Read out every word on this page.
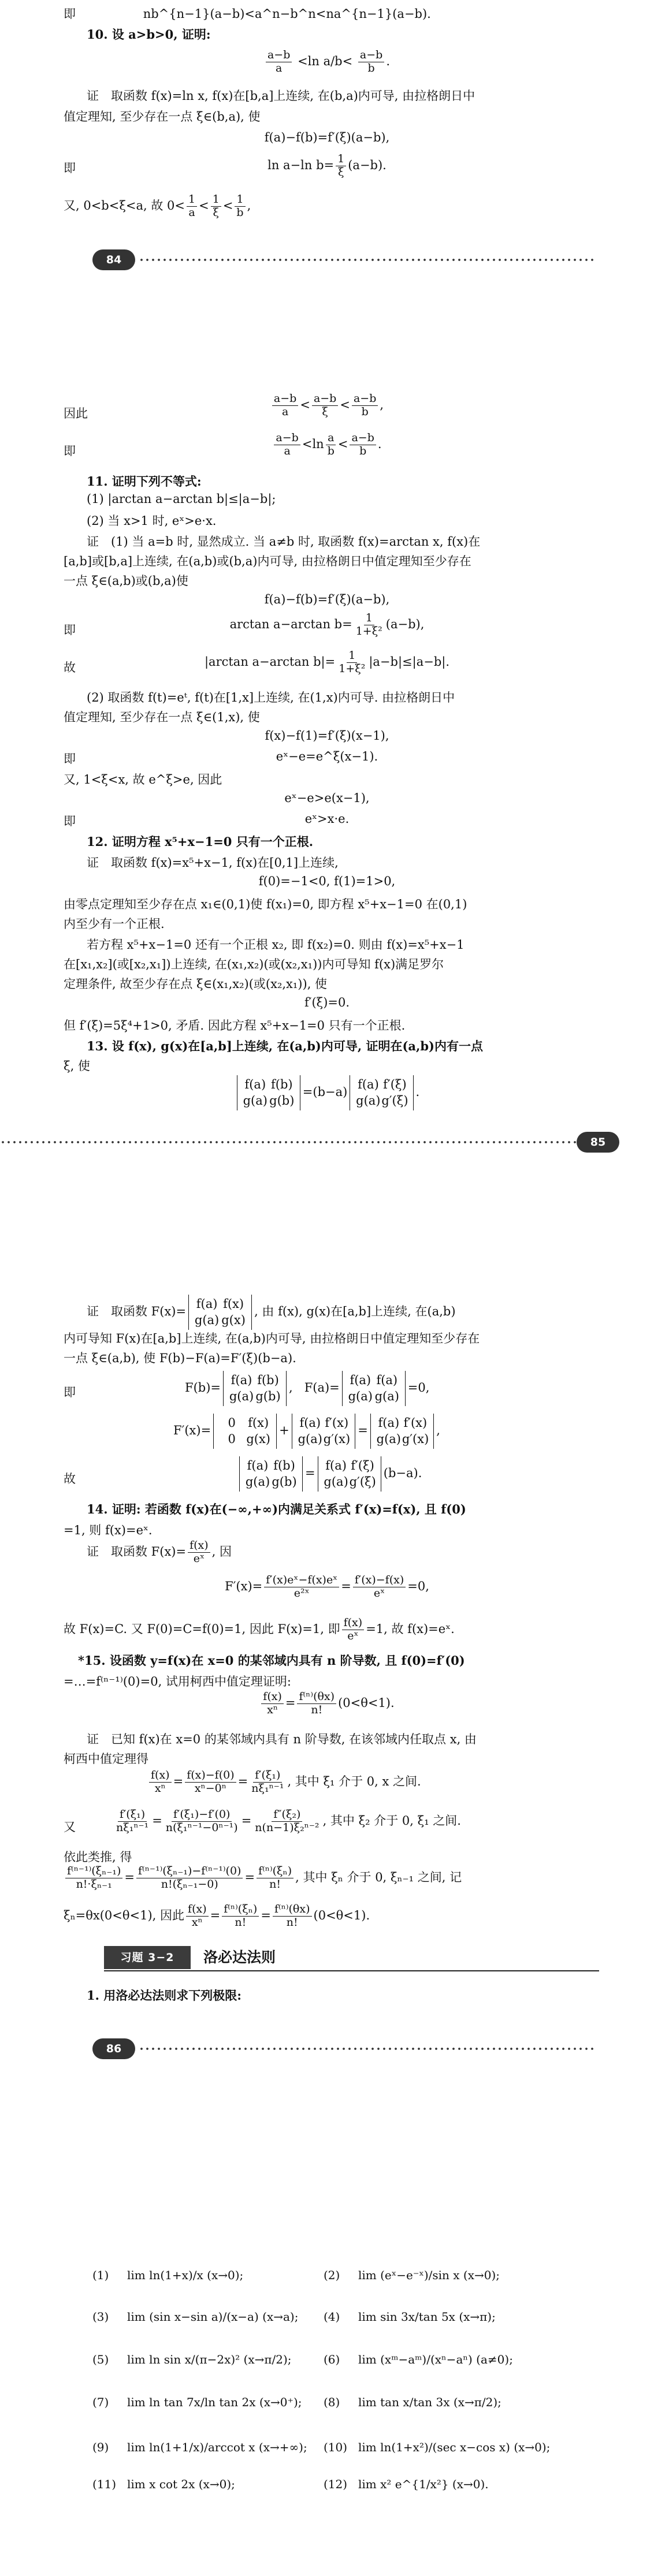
即	nb^{n−1}(a−b)<a^n−b^n<na^{n−1}(a−b).
10. 设 a>b>0, 证明:
$\frac{a-b}{a} <\ln$ $a/b< \frac{a-b}{b}$ .
证　取函数 f(x)=ln x, f(x)在[b,a]上连续, 在(b,a)内可导, 由拉格朗日中
值定理知, 至少存在一点 ξ∈(b,a), 使
f(a)−f(b)=f′(ξ)(a−b),
即	ln a−ln $b= \frac{1}{\xi} (a-b)$.
又, 0<b<ξ<a, 故 $0< \frac{1}{a} < \frac{1}{\xi} < \frac{1}{b}$ ,
84
因此	$\frac{a-b}{a} < \frac{a-b}{\xi} < \frac{a-b}{b}$ ,
即	$\frac{a-b}{a} <\ln \frac{a}{b} < \frac{a-b}{b}$ .
11. 证明下列不等式:
(1) |arctan a−arctan b|≤|a−b|;
(2) 当 x>1 时, eˣ>e·x.
证　(1) 当 a=b 时, 显然成立. 当 a≠b 时, 取函数 f(x)=arctan x, f(x)在
[a,b]或[b,a]上连续, 在(a,b)或(b,a)内可导, 由拉格朗日中值定理知至少存在
一点 ξ∈(a,b)或(b,a)使
f(a)−f(b)=f′(ξ)(a−b),
即	arctan a−arctan $b= \frac{1}{\text{1+ξ²}} (a-b)$,
故	|arctan a−arctan $b|= \frac{1}{\text{1+ξ²}} |a-b|\le|a-b|$.
(2) 取函数 f(t)=eᵗ, f(t)在[1,x]上连续, 在(1,x)内可导. 由拉格朗日中
值定理知, 至少存在一点 ξ∈(1,x), 使
f(x)−f(1)=f′(ξ)(x−1),
即	eˣ−e=e^ξ(x−1).
又, 1<ξ<x, 故 e^ξ>e, 因此
eˣ−e>e(x−1),
即	eˣ>x·e.
12. 证明方程 x⁵+x−1=0 只有一个正根.
证　取函数 f(x)=x⁵+x−1, f(x)在[0,1]上连续,
f(0)=−1<0, f(1)=1>0,
由零点定理知至少存在点 x₁∈(0,1)使 f(x₁)=0, 即方程 x⁵+x−1=0 在(0,1)
内至少有一个正根.
若方程 x⁵+x−1=0 还有一个正根 x₂, 即 f(x₂)=0. 则由 f(x)=x⁵+x−1
在[x₁,x₂](或[x₂,x₁])上连续, 在(x₁,x₂)(或(x₂,x₁))内可导知 f(x)满足罗尔
定理条件, 故至少存在点 ξ∈(x₁,x₂)(或(x₂,x₁)), 使
f′(ξ)=0.
但 f′(ξ)=5ξ⁴+1>0, 矛盾. 因此方程 x⁵+x−1=0 只有一个正根.
13. 设 f(x), g(x)在[a,b]上连续, 在(a,b)内可导, 证明在(a,b)内有一点
ξ, 使
f(a) f(b)
g(a) g(b)
=(b−a)
f(a) f′(ξ)
g(a)g′(ξ)
.
85
证　取函数 F(x)=
f(a) f(x)
g(a) g(x)
, 由 f(x), g(x)在[a,b]上连续, 在(a,b)
内可导知 F(x)在[a,b]上连续, 在(a,b)内可导, 由拉格朗日中值定理知至少存在
一点 ξ∈(a,b), 使 F(b)−F(a)=F′(ξ)(b−a).
即	F(b)=
f(a) f(b)
g(a) g(b)
,   F(a)=
f(a) f(a)
g(a) g(a)
=0,
F′(x)=
0 f(x)
0 g(x)
+
f(a) f′(x)
g(a)g′(x)
=
f(a) f′(x)
g(a)g′(x)
,
故
f(a) f(b)
g(a) g(b)
=
f(a) f′(ξ)
g(a)g′(ξ)
(b−a).
14. 证明: 若函数 f(x)在(−∞,+∞)内满足关系式 f′(x)=f(x), 且 f(0)
=1, 则 f(x)=eˣ.
证　取函数 $F(x)= \frac{f(x)}{\text{eˣ}}$ , 因
$F'(x)= \frac{\text{f′(x)eˣ−f(x)eˣ}}{\text{e²ˣ}} = \frac{f'(x)-f(x)}{\text{eˣ}} =0$,
故 F(x)=C. 又 F(0)=C=f(0)=1, 因此 F(x)=1, 即 $\frac{f(x)}{\text{eˣ}} =1$, 故 f(x)=eˣ.
*15. 设函数 y=f(x)在 x=0 的某邻域内具有 n 阶导数, 且 f(0)=f′(0)
=…=f⁽ⁿ⁻¹⁾(0)=0, 试用柯西中值定理证明:
$\frac{f(x)}{\text{xⁿ}} = \frac{\text{f⁽ⁿ⁾(θx)}}{n!} (0<\theta<1)$.
证　已知 f(x)在 x=0 的某邻域内具有 n 阶导数, 在该邻域内任取点 x, 由
柯西中值定理得
$\frac{f(x)}{\text{xⁿ}} = \frac{f(x)-f(0)}{\text{xⁿ−0ⁿ}} = \frac{\text{f′(ξ₁)}}{\text{nξ₁ⁿ⁻¹}}$ , 其中 ξ₁ 介于 0, x 之间.
又	$\frac{\text{f′(ξ₁)}}{\text{nξ₁ⁿ⁻¹}} = \frac{\text{f′(ξ₁)−f′(0)}}{\text{n(ξ₁ⁿ⁻¹−0ⁿ⁻¹)}} = \frac{\text{f″(ξ₂)}}{\text{n(n−1)ξ₂ⁿ⁻²}}$ , 其中 ξ₂ 介于 0, ξ₁ 之间.
依此类推, 得
$\frac{\text{f⁽ⁿ⁻¹⁾(ξₙ₋₁)}}{\text{n!·ξₙ₋₁}} = \frac{\text{f⁽ⁿ⁻¹⁾(ξₙ₋₁)−f⁽ⁿ⁻¹⁾(0)}}{\text{n!(ξₙ₋₁−0)}} = \frac{\text{f⁽ⁿ⁾(ξₙ)}}{n!}$ , 其中 ξₙ 介于 0, ξₙ₋₁ 之间, 记
ξₙ=θx(0<θ<1), 因此 $\frac{f(x)}{\text{xⁿ}} = \frac{\text{f⁽ⁿ⁾(ξₙ)}}{n!} = \frac{\text{f⁽ⁿ⁾(θx)}}{n!} (0<\theta<1)$.
习题 3−2	洛必达法则
1. 用洛必达法则求下列极限:
86
(1) lim ln(1+x)/x (x→0);	(2) lim (eˣ−e⁻ˣ)/sin x (x→0);
(3) lim (sin x−sin a)/(x−a) (x→a); (4) lim sin 3x/tan 5x (x→π);
(5) lim ln sin x/(π−2x)² (x→π/2);	(6) lim (xᵐ−aᵐ)/(xⁿ−aⁿ) (a≠0);
(7) lim ln tan 7x/ln tan 2x (x→0⁺); (8) lim tan x/tan 3x (x→π/2);
(9) lim ln(1+1/x)/arccot x (x→+∞); (10) lim ln(1+x²)/(sec x−cos x) (x→0);
(11) lim x cot 2x (x→0);	(12) lim x² e^{1/x²} (x→0).
